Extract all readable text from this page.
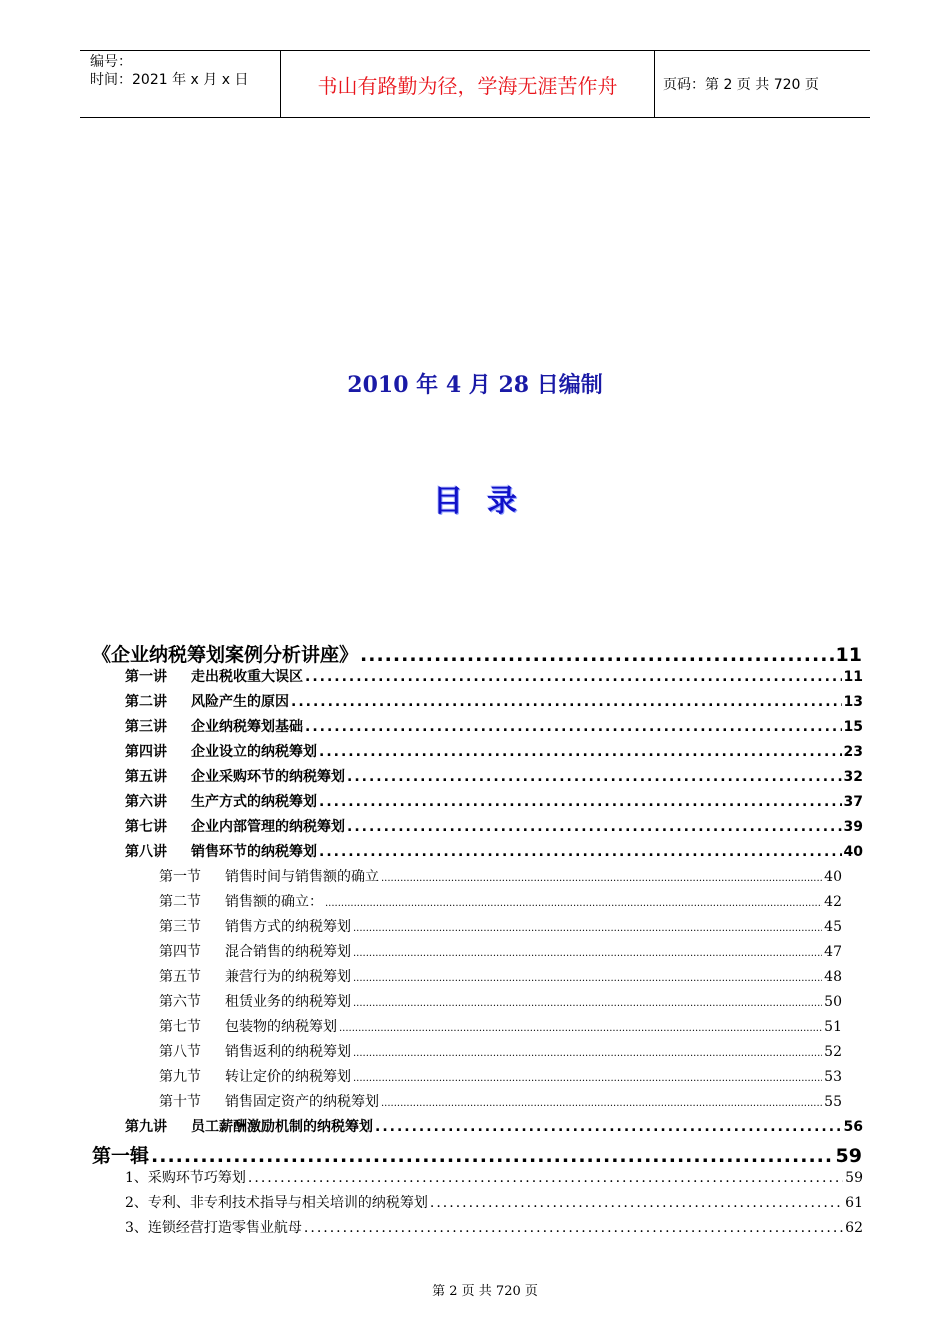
编号：
时间：2021 年 x 月 x 日	书山有路勤为径，学海无涯苦作舟	页码：第 2 页 共 720 页
2010 年 4 月 28 日编制
目录
《企业纳税筹划案例分析讲座》 .....	11
第一讲 走出税收重大误区 .....	11
第二讲 风险产生的原因 .....	13
第三讲 企业纳税筹划基础 .....	15
第四讲 企业设立的纳税筹划 .....	23
第五讲 企业采购环节的纳税筹划 .....	32
第六讲 生产方式的纳税筹划 .....	37
第七讲 企业内部管理的纳税筹划 .....	39
第八讲 销售环节的纳税筹划 .....	40
第一节 销售时间与销售额的确立 .....	40
第二节 销售额的确立： .....	42
第三节 销售方式的纳税筹划 .....	45
第四节 混合销售的纳税筹划 .....	47
第五节 兼营行为的纳税筹划 .....	48
第六节 租赁业务的纳税筹划 .....	50
第七节 包装物的纳税筹划 .....	51
第八节 销售返利的纳税筹划 .....	52
第九节 转让定价的纳税筹划 .....	53
第十节 销售固定资产的纳税筹划 .....	55
第九讲 员工薪酬激励机制的纳税筹划 .....	56
第一辑 .....	59
1、采购环节巧筹划 .....	59
2、专利、非专利技术指导与相关培训的纳税筹划 .....	61
3、连锁经营打造零售业航母 .....	62
第 2 页 共 720 页
